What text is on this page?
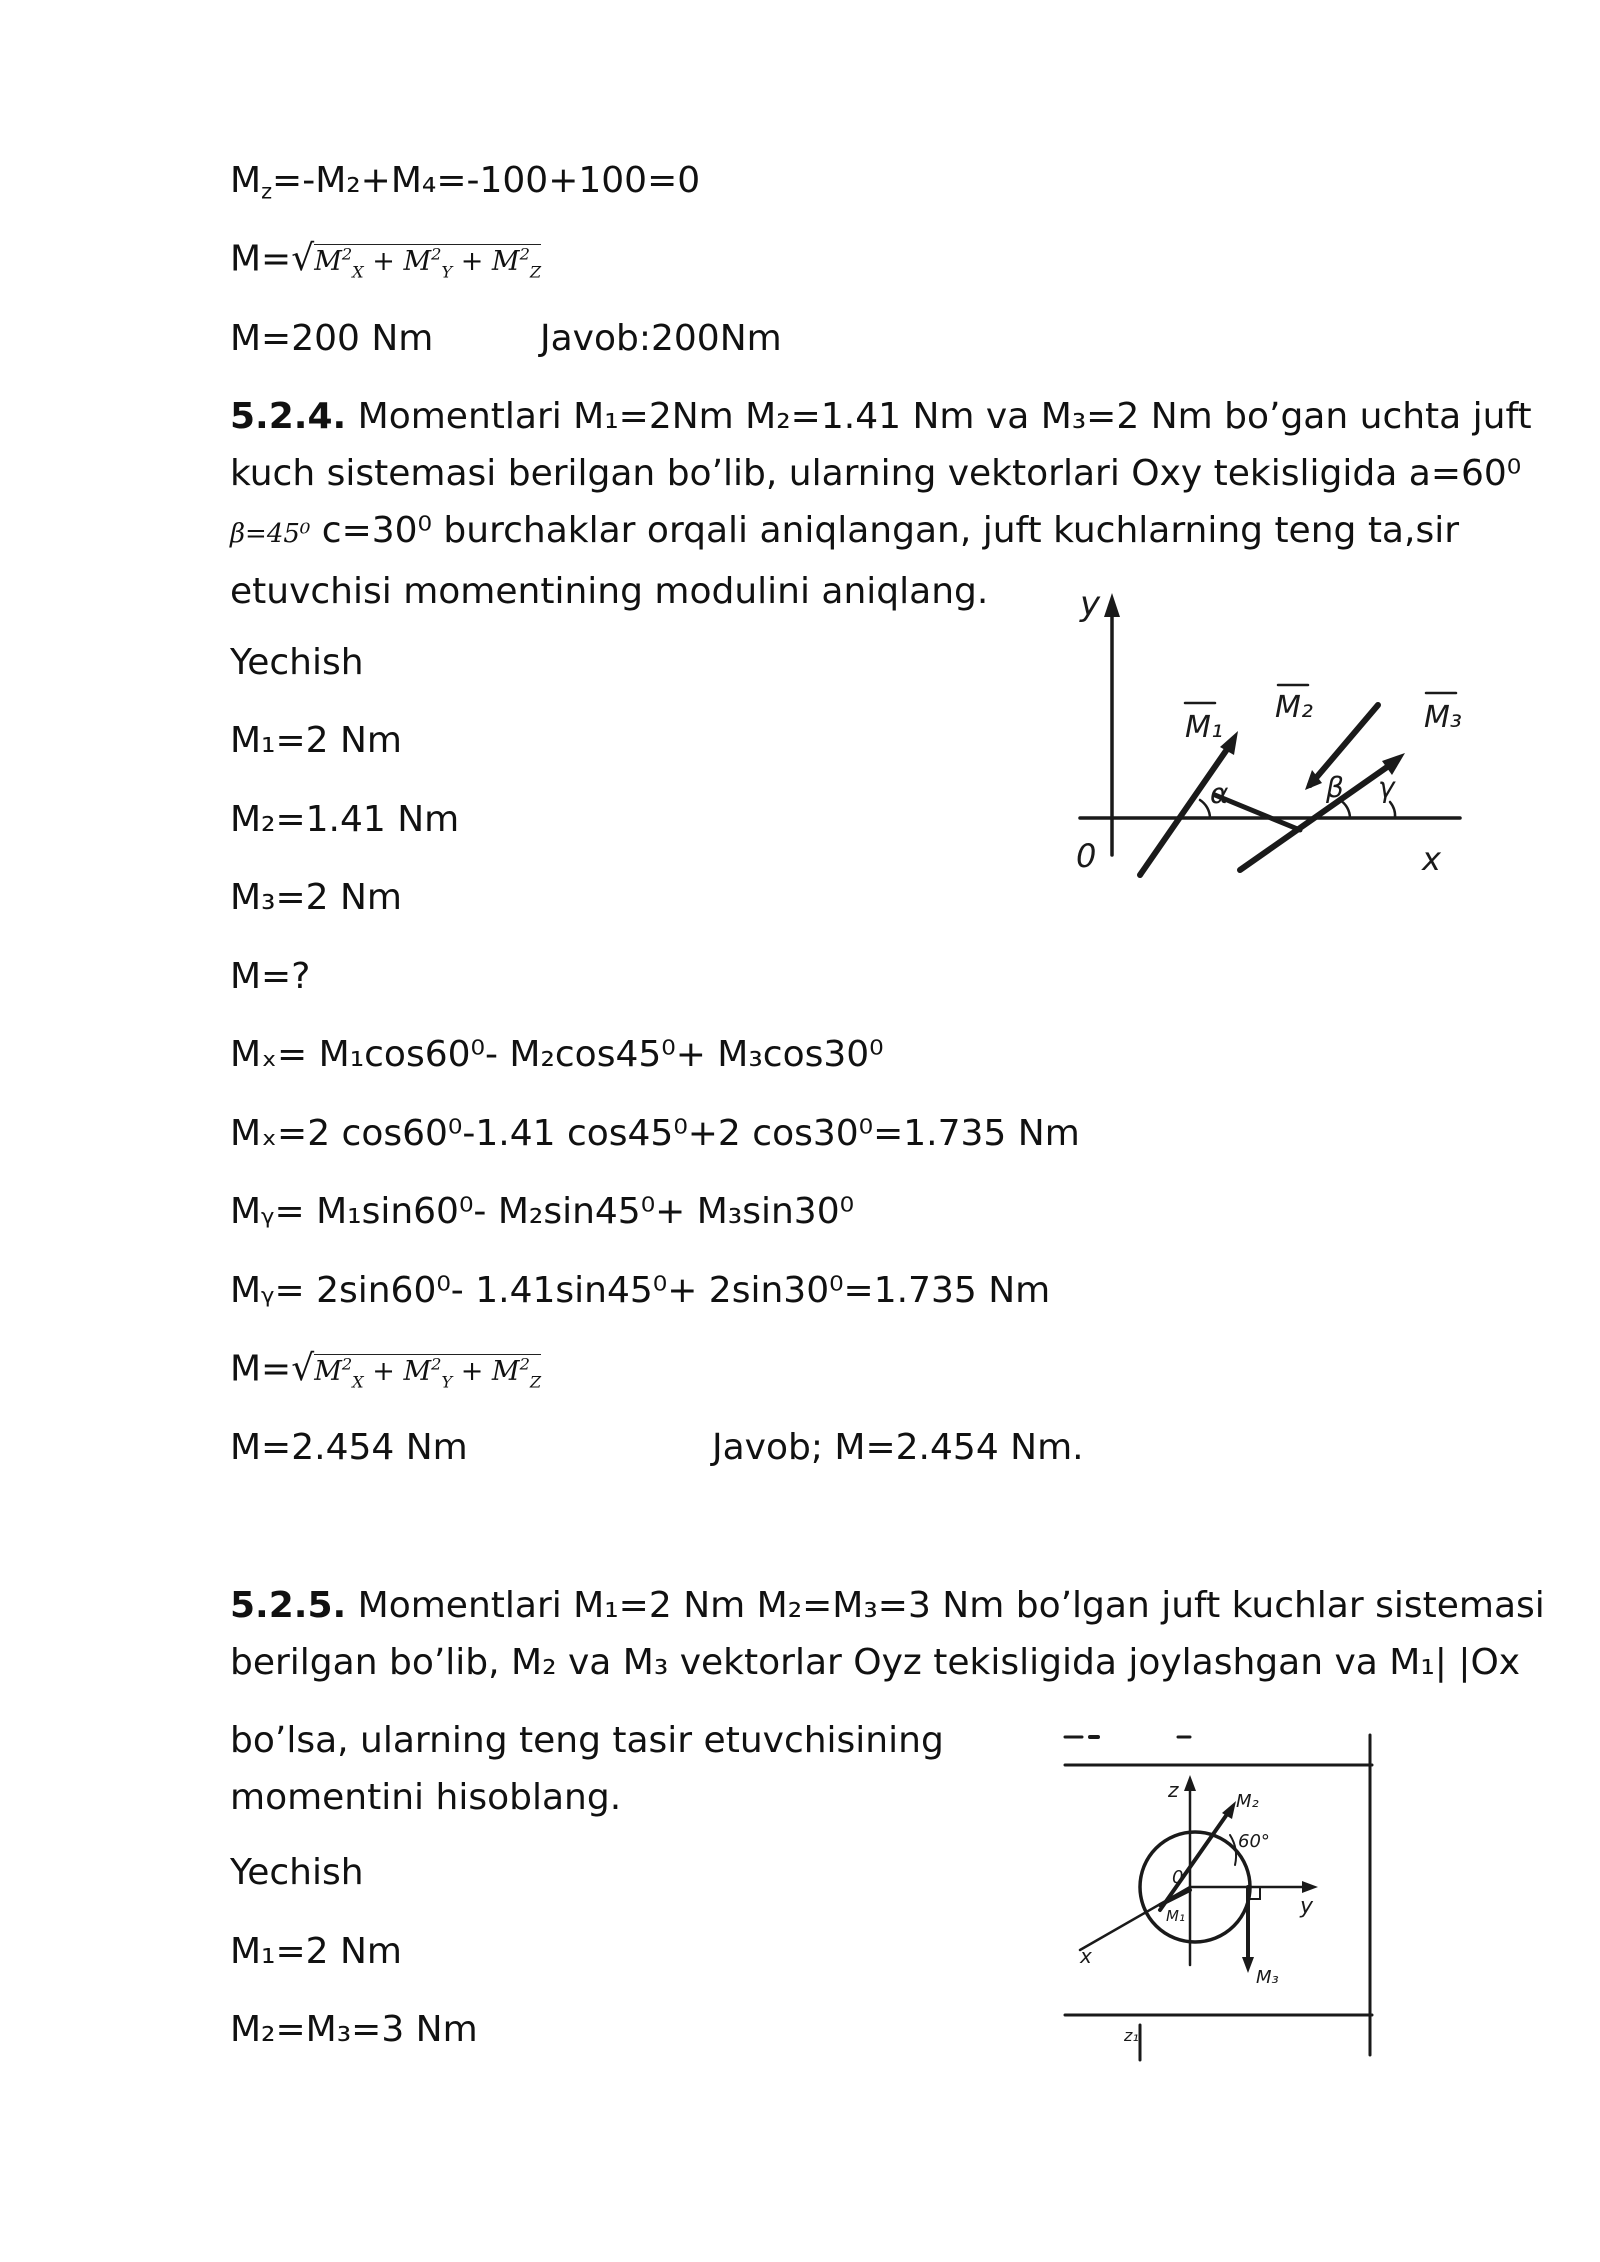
$M_z=-M_2+M_4=-100+100=0$
$M=√M^2_X + M^2_Y + M^2_Z$
M=200 Nm	Javob:200Nm
5.2.4. Momentlari M₁=2Nm M₂=1.41 Nm va M₃=2 Nm bo’gan uchta juft
kuch sistemasi berilgan bo’lib, ularning vektorlari Oxy tekisligida a=60⁰
β=45⁰ c=30⁰ burchaklar orqali aniqlangan, juft kuchlarning teng ta,sir
etuvchisi momentining modulini aniqlang.
Yechish
M₁=2 Nm
M₂=1.41 Nm
M₃=2 Nm
M=?
Mₓ= M₁cos60⁰- M₂cos45⁰+ M₃cos30⁰
Mₓ=2 cos60⁰-1.41 cos45⁰+2 cos30⁰=1.735 Nm
Mᵧ= M₁sin60⁰- M₂sin45⁰+ M₃sin30⁰
Mᵧ= 2sin60⁰- 1.41sin45⁰+ 2sin30⁰=1.735 Nm
$M=√M^2_X + M^2_Y + M^2_Z$
M=2.454 Nm	Javob; M=2.454 Nm.
y
0	x
M₁
M₂	M₃
α	β γ
5.2.5. Momentlari M₁=2 Nm M₂=M₃=3 Nm bo’lgan juft kuchlar sistemasi
berilgan bo’lib, M₂ va M₃ vektorlar Oyz tekisligida joylashgan va M₁| |Ox
bo’lsa, ularning teng tasir etuvchisining
momentini hisoblang.
Yechish
M₁=2 Nm
M₂=M₃=3 Nm
z
0
y
x
M₂
60°
M₃
M₁
z₁
